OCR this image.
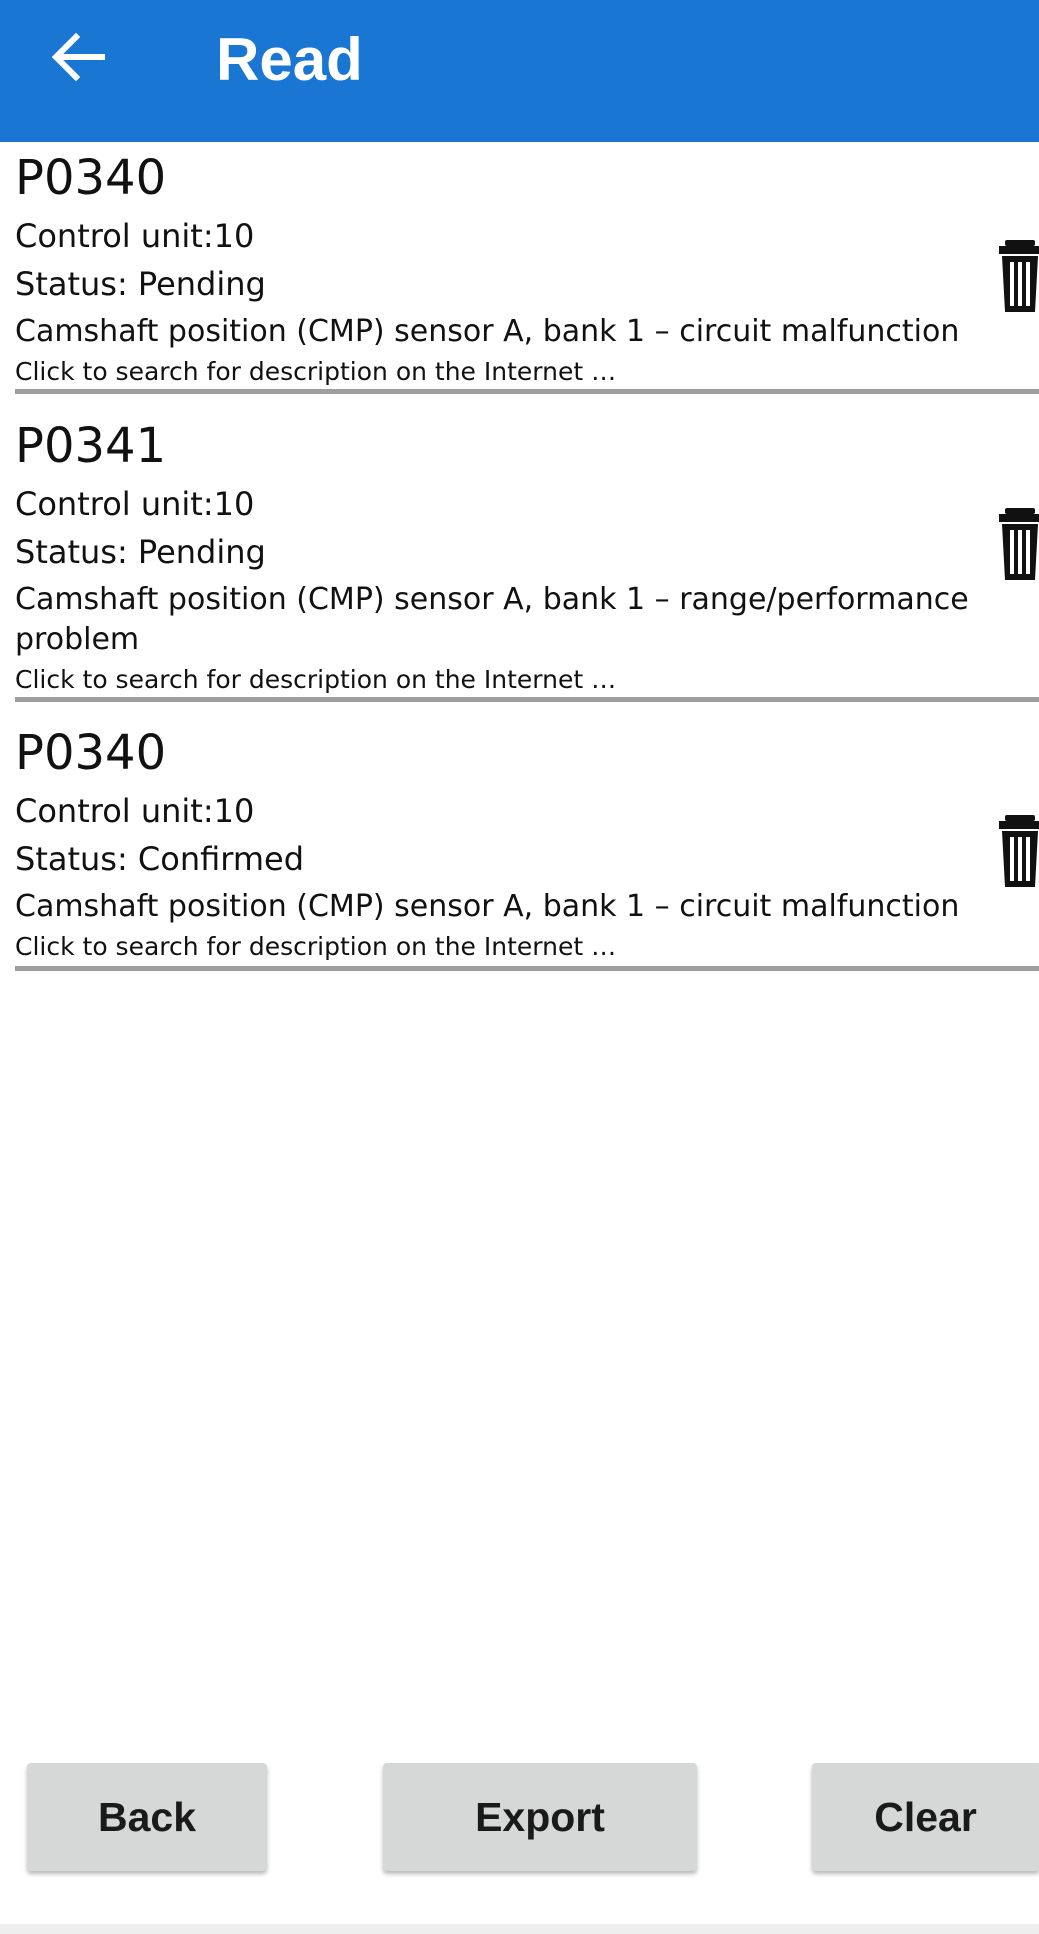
Read
P0340
Control unit:10
Status: Pending
Camshaft position (CMP) sensor A, bank 1 – circuit malfunction
Click to search for description on the Internet …
P0341
Control unit:10
Status: Pending
Camshaft position (CMP) sensor A, bank 1 – range/performance problem
Click to search for description on the Internet …
P0340
Control unit:10
Status: Confirmed
Camshaft position (CMP) sensor A, bank 1 – circuit malfunction
Click to search for description on the Internet …
Back	Export	Clear
